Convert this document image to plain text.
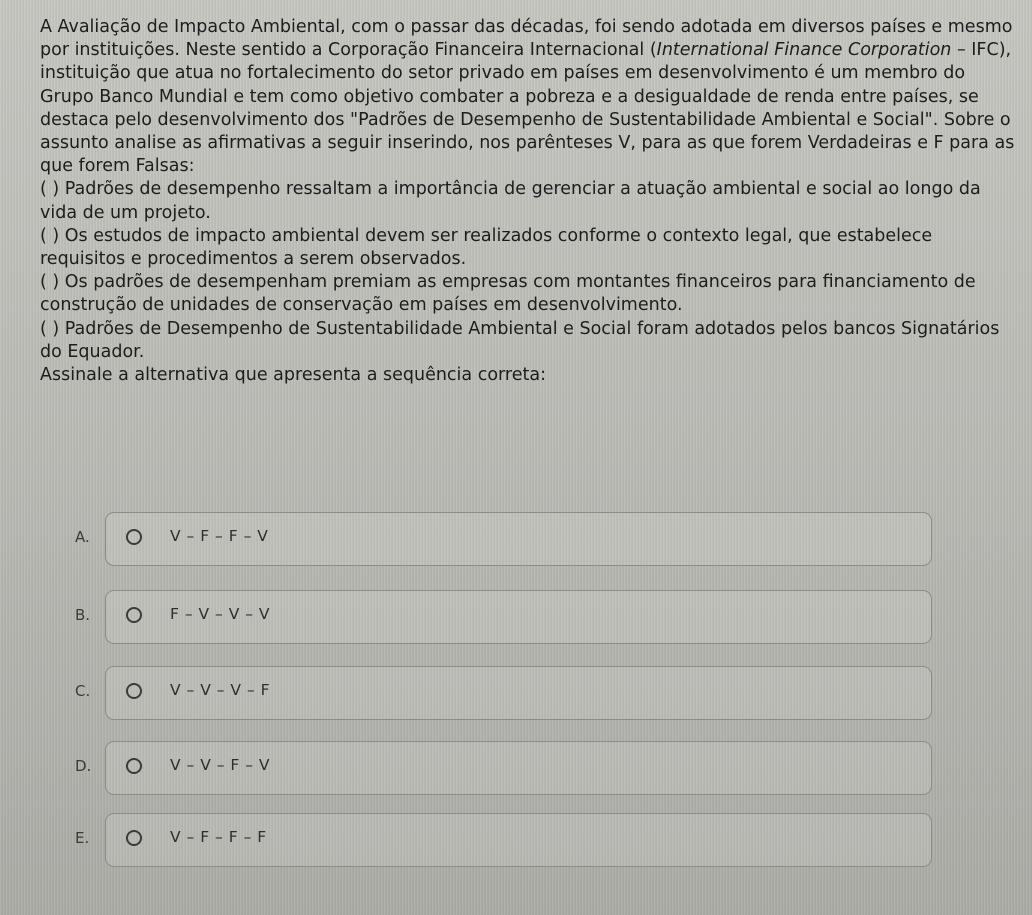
A Avaliação de Impacto Ambiental, com o passar das décadas, foi sendo adotada em diversos países e mesmo por instituições. Neste sentido a Corporação Financeira Internacional (International Finance Corporation – IFC), instituição que atua no fortalecimento do setor privado em países em desenvolvimento é um membro do Grupo Banco Mundial e tem como objetivo combater a pobreza e a desigualdade de renda entre países, se destaca pelo desenvolvimento dos "Padrões de Desempenho de Sustentabilidade Ambiental e Social". Sobre o assunto analise as afirmativas a seguir inserindo, nos parênteses V, para as que forem Verdadeiras e F para as que forem Falsas:

( ) Padrões de desempenho ressaltam a importância de gerenciar a atuação ambiental e social ao longo da vida de um projeto.

( ) Os estudos de impacto ambiental devem ser realizados conforme o contexto legal, que estabelece requisitos e procedimentos a serem observados.

( ) Os padrões de desempenham premiam as empresas com montantes financeiros para financiamento de construção de unidades de conservação em países em desenvolvimento.

( ) Padrões de Desempenho de Sustentabilidade Ambiental e Social foram adotados pelos bancos Signatários do Equador.

Assinale a alternativa que apresenta a sequência correta:

A.	V – F – F – V
B.	F – V – V – V
C.	V – V – V – F
D.	V – V – F – V
E.	V – F – F – F
